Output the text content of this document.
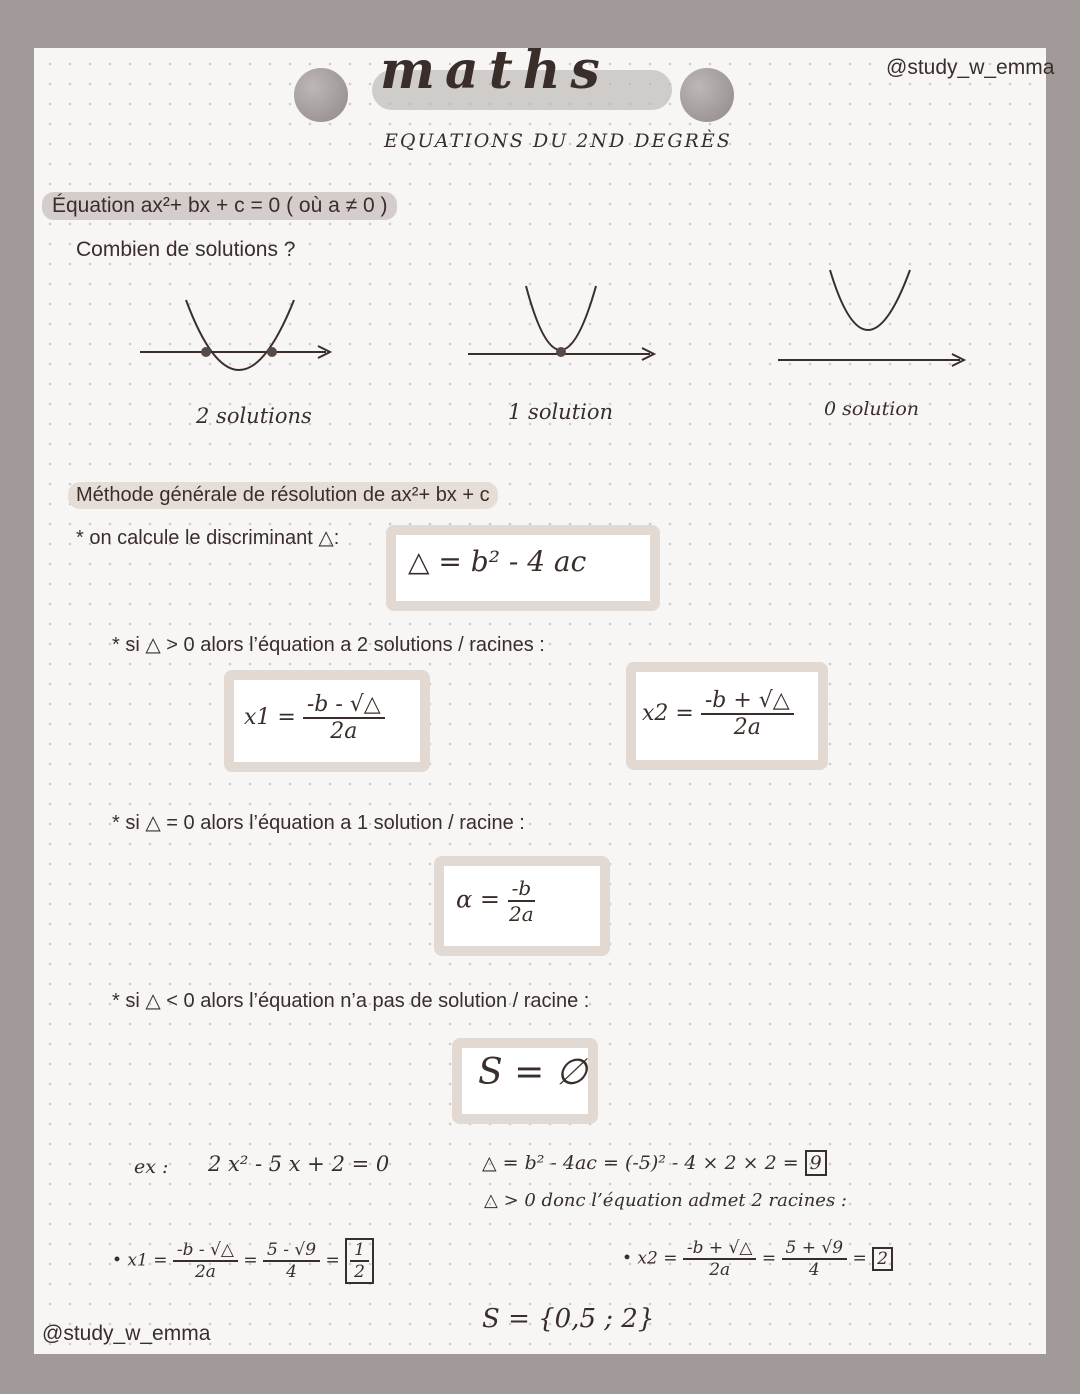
@study_w_emma
@study_w_emma
maths
EQUATIONS DU 2ND DEGRÈS
Équation ax²+ bx + c = 0 ( où a ≠ 0 )
Combien de solutions ?
2 solutions	1 solution	0 solution
Méthode générale de résolution de ax²+ bx + c
* on calcule le discriminant △:
△ = b² - 4 ac
* si △ > 0 alors l’équation a 2 solutions / racines :
$x1 = \frac{-b - √\triangle}{2a}$	$x2 = \frac{-b + √\triangle}{2a}$
* si △ = 0 alors l’équation a 1 solution / racine :
$\alpha = \frac{-b}{2a}$
* si △ < 0 alors l’équation n’a pas de solution / racine :
S = ∅
ex : 2 x² - 5 x + 2 = 0	△ = b² - 4ac = (-5)² - 4 × 2 × 2 = 9
△ > 0 donc l’équation admet 2 racines :
• $x1 = \frac{-b - √\triangle}{2a} = \frac{5 - √9}{4} = \frac{1}{2}$	• $x2 = \frac{-b + √\triangle}{2a} = \frac{5 + √9}{4} = 2$
S = {0,5 ; 2}
